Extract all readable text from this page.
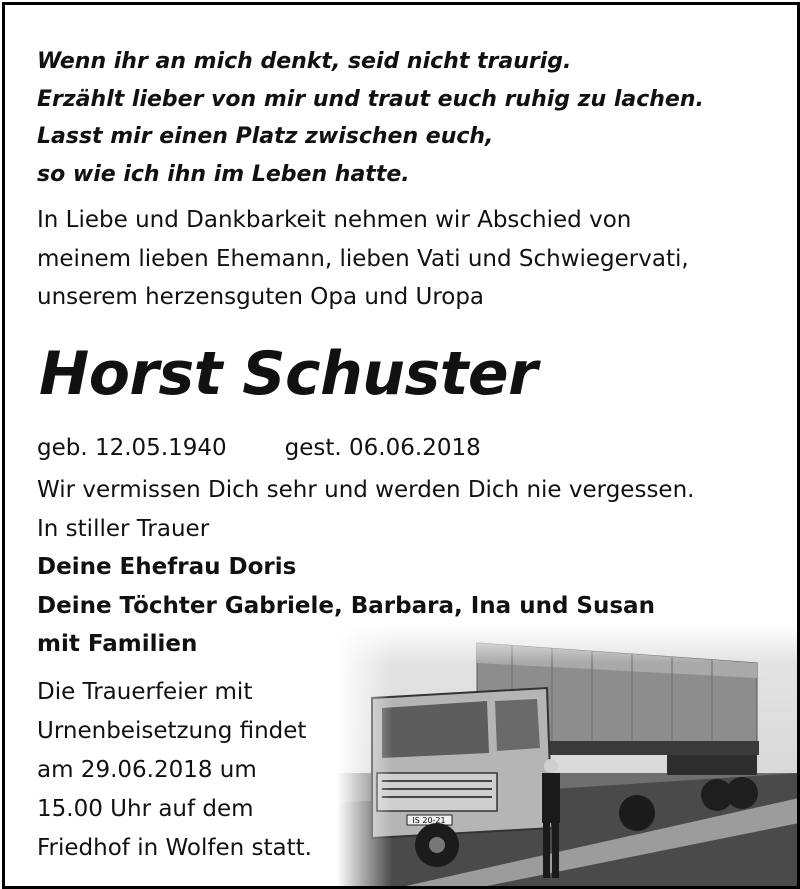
Wenn ihr an mich denkt, seid nicht traurig.
Erzählt lieber von mir und traut euch ruhig zu lachen.
Lasst mir einen Platz zwischen euch,
so wie ich ihn im Leben hatte.
In Liebe und Dankbarkeit nehmen wir Abschied von
meinem lieben Ehemann, lieben Vati und Schwiegervati,
unserem herzensguten Opa und Uropa
Horst Schuster
geb. 12.05.1940	gest. 06.06.2018
Wir vermissen Dich sehr und werden Dich nie vergessen.
In stiller Trauer
Deine Ehefrau Doris
Deine Töchter Gabriele, Barbara, Ina und Susan
mit Familien
Die Trauerfeier mit
Urnenbeisetzung findet
am 29.06.2018 um
15.00 Uhr auf dem
Friedhof in Wolfen statt.
